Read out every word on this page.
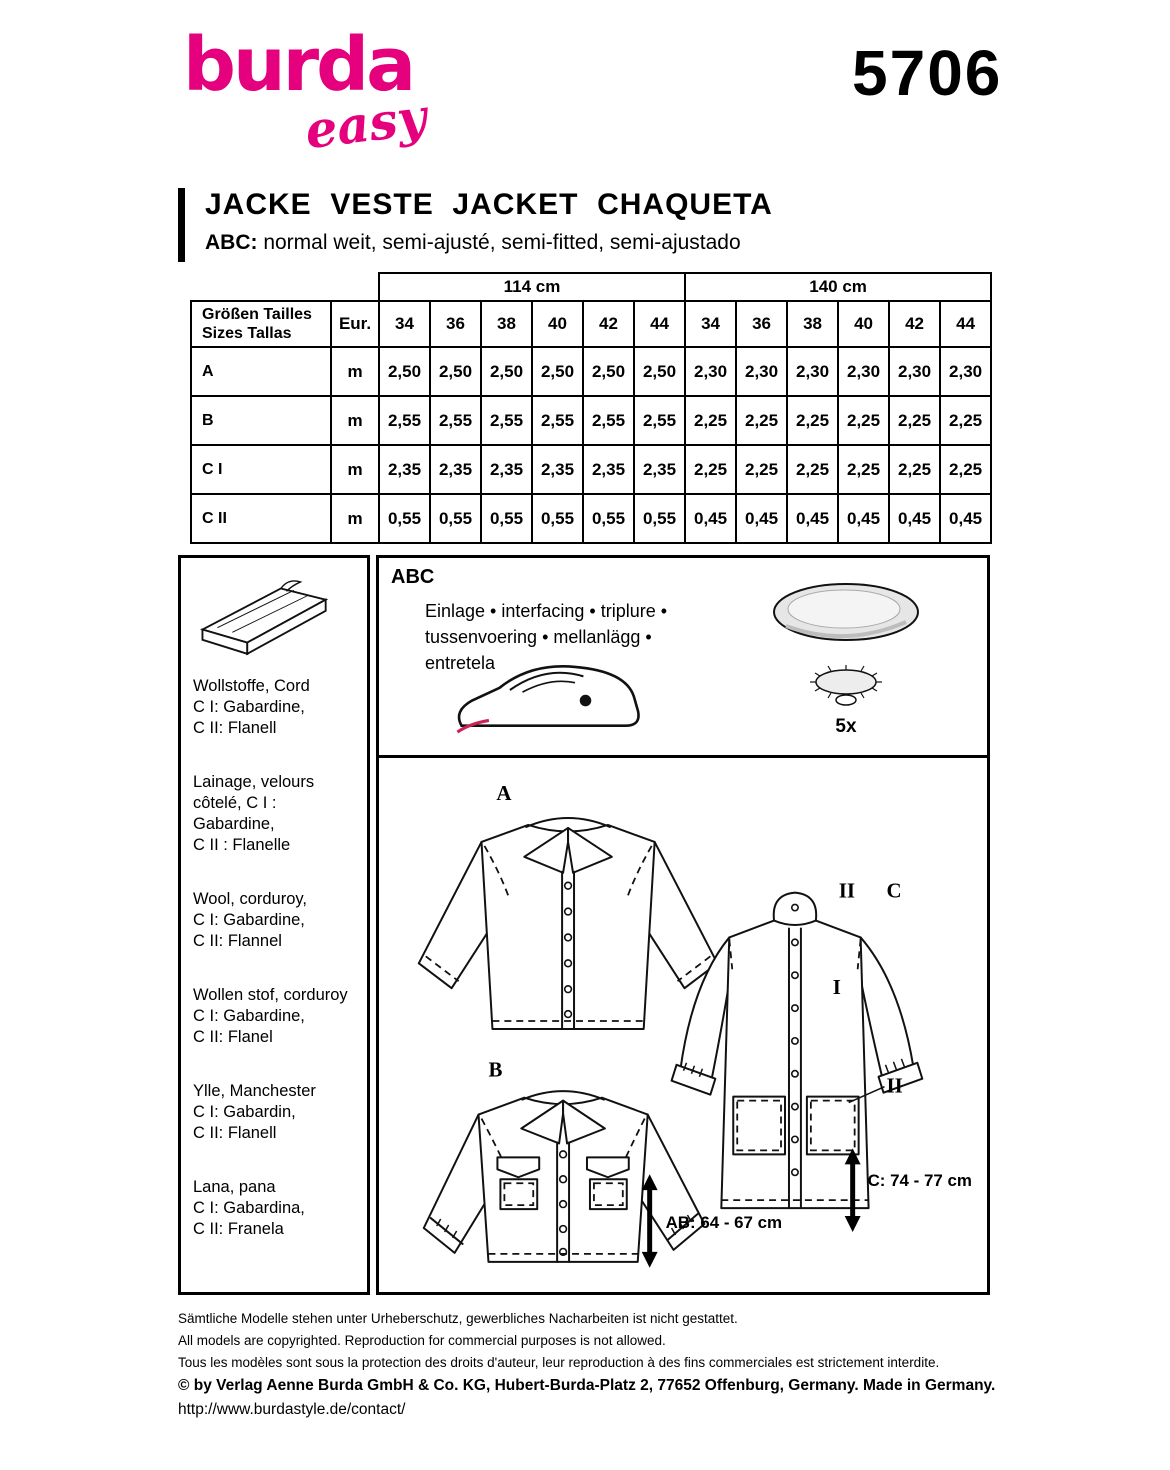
burda
easy
5706
JACKE  VESTE  JACKET  CHAQUETA
ABC: normal weit, semi-ajusté, semi-fitted, semi-ajustado
		114 cm						140 cm					
Größen Tailles
Sizes Tallas	Eur.	34	36	38	40	42	44	34	36	38	40	42	44
A	m	2,50	2,50	2,50	2,50	2,50	2,50	2,30	2,30	2,30	2,30	2,30	2,30
B	m	2,55	2,55	2,55	2,55	2,55	2,55	2,25	2,25	2,25	2,25	2,25	2,25
C I	m	2,35	2,35	2,35	2,35	2,35	2,35	2,25	2,25	2,25	2,25	2,25	2,25
C II	m	0,55	0,55	0,55	0,55	0,55	0,55	0,45	0,45	0,45	0,45	0,45	0,45
Wollstoffe, Cord
C I: Gabardine,
C II: Flanell
Lainage, velours
côtelé, C I : Gabardine,
C II : Flanelle
Wool, corduroy,
C I: Gabardine,
C II: Flannel
Wollen stof, corduroy
C I: Gabardine,
C II: Flanel
Ylle, Manchester
C I: Gabardin,
C II: Flanell
Lana, pana
C I: Gabardina,
C II: Franela
ABC
Einlage • interfacing • triplure •
tussenvoering • mellanlägg •
entretela
5x
A
B
II C
I
II
AB: 64 - 67 cm
C: 74 - 77 cm
Sämtliche Modelle stehen unter Urheberschutz, gewerbliches Nacharbeiten ist nicht gestattet.
All models are copyrighted. Reproduction for commercial purposes is not allowed.
Tous les modèles sont sous la protection des droits d'auteur, leur reproduction à des fins commerciales est strictement interdite.
© by Verlag Aenne Burda GmbH & Co. KG, Hubert-Burda-Platz 2, 77652 Offenburg, Germany. Made in Germany.
http://www.burdastyle.de/contact/
